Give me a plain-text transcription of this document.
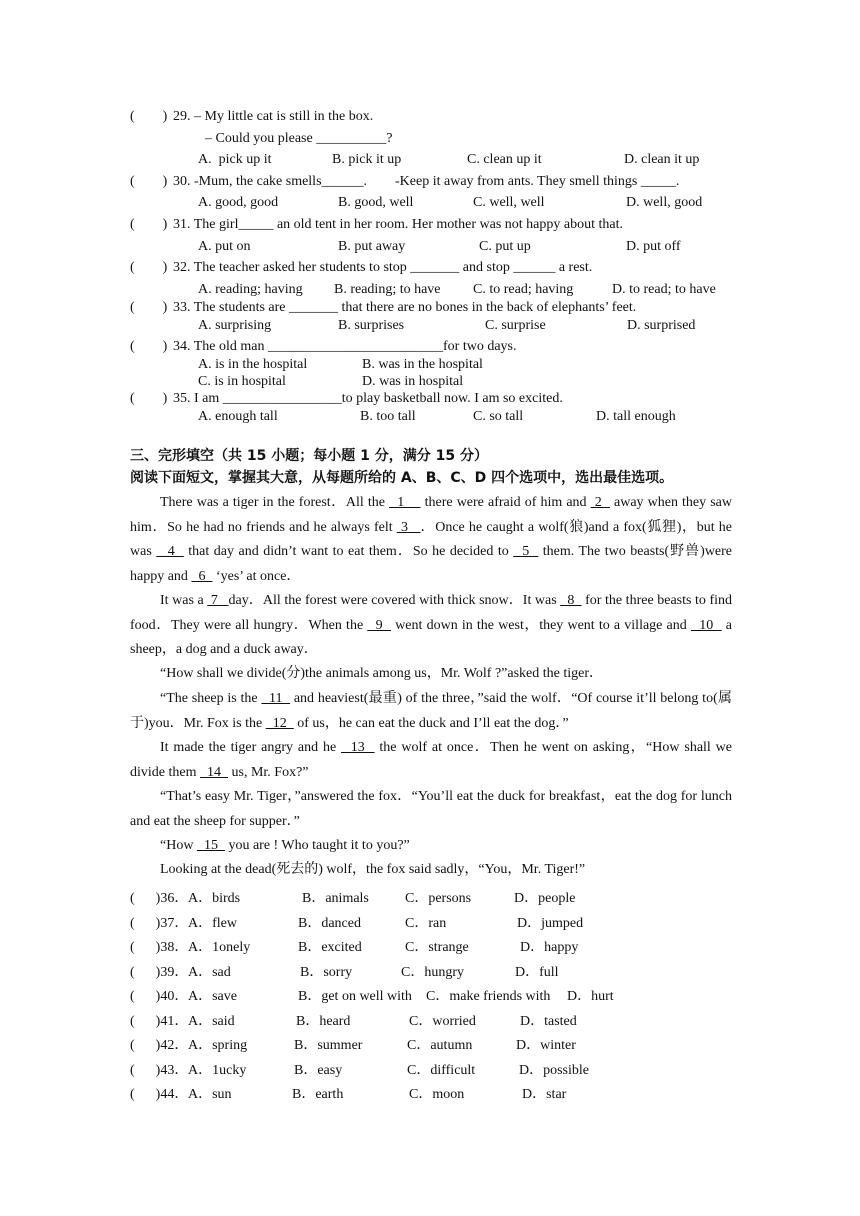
(        ) 29. – My little cat is still in the box.
– Could you please __________?
A.  pick up it	B. pick it up	C. clean up it	D. clean it up
(        ) 30. -Mum, the cake smells______.        -Keep it away from ants. They smell things _____.
A. good, good	B. good, well	C. well, well	D. well, good
(        ) 31. The girl_____ an old tent in her room. Her mother was not happy about that.
A. put on	B. put away	C. put up	D. put off
(        ) 32. The teacher asked her students to stop _______ and stop ______ a rest.
A. reading; having B. reading; to have C. to read; having	D. to read; to have
(        ) 33. The students are _______ that there are no bones in the back of elephants’ feet.
A. surprising	B. surprises	C. surprise	D. surprised
(        ) 34. The old man _________________________for two days.
A. is in the hospital	B. was in the hospital
C. is in hospital	D. was in hospital
(        ) 35. I am _________________to play basketball now. I am so excited.
A. enough tall	B. too tall	C. so tall	D. tall enough
三、完形填空（共 15 小题；每小题 1 分，满分 15 分）
阅读下面短文，掌握其大意，从每题所给的 A、B、C、D 四个选项中，选出最佳选项。
There was a tiger in the forest．All the   1     there were afraid of him and  2   away when they saw him．So he had no friends and he always felt  3   ．Once he caught a wolf(狼)and a fox(狐狸)，but he was  _4   that day and didn’t want to eat them．So he decided to   5   them. The two beasts(野兽)were happy and   6   ‘yes’ at once．
It was a  7   day．All the forest were covered with thick snow．It was   8   for the three beasts to find food．They were all hungry．When the   9   went down in the west，they went to a village and   10   a sheep，a dog and a duck away．
“How shall we divide(分)the animals among us，Mr. Wolf ?”asked the tiger．
“The sheep is the   11   and heaviest(最重) of the three，”said the wolf．“Of course it’ll belong to(属于)you．Mr. Fox is the   12   of us，he can eat the duck and I’ll eat the dog．”
It made the tiger angry and he   13   the wolf at once．Then he went on asking，“How shall we divide them   14   us, Mr. Fox?”
“That’s easy Mr. Tiger，”answered the fox．“You’ll eat the duck for breakfast，eat the dog for lunch and eat the sheep for supper．”
“How   15   you are ! Who taught it to you?”
Looking at the dead(死去的) wolf，the fox said sadly，“You，Mr. Tiger!”
(      )36． A．birds	B．animals	C．persons	D．people
(      )37． A．flew	B．danced	C．ran	D．jumped
(      )38． A．1onely	B．excited	C．strange	D．happy
(      )39． A．sad	B．sorry	C．hungry	D．full
(      )40． A．save	B．get on well with C．make friends with D．hurt
(      )41． A．said	B．heard	C．worried	D．tasted
(      )42． A．spring	B．summer	C．autumn	D．winter
(      )43． A．1ucky	B．easy	C．difficult	D．possible
(      )44． A．sun	B．earth	C．moon	D．star
